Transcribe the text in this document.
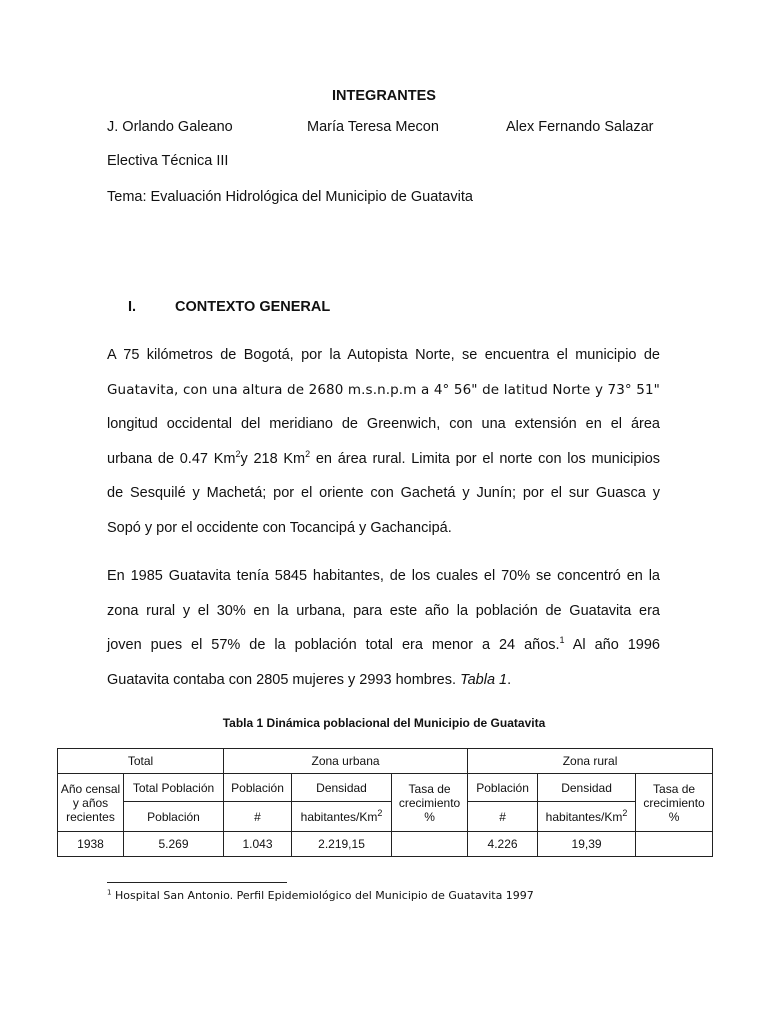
INTEGRANTES
J. Orlando Galeano	María Teresa Mecon	Alex Fernando Salazar
Electiva Técnica III
Tema: Evaluación Hidrológica del Municipio de Guatavita
I.	CONTEXTO GENERAL
A 75 kilómetros de Bogotá, por la Autopista Norte, se encuentra el municipio de
Guatavita, con una altura de 2680 m.s.n.p.m a 4° 56" de latitud Norte y 73° 51"
longitud occidental del meridiano de Greenwich, con una extensión en el área
urbana de 0.47 Km$^2$y 218 Km$^2$ en área rural. Limita por el norte con los municipios
de Sesquilé y Machetá; por el oriente con Gachetá y Junín; por el sur Guasca y
Sopó y por el occidente con Tocancipá y Gachancipá.
En 1985 Guatavita tenía 5845 habitantes, de los cuales el 70% se concentró en la
zona rural y el 30% en la urbana, para este año la población de Guatavita era
joven pues el 57% de la población total era menor a 24 años.$^1$ Al año 1996
Guatavita contaba con 2805 mujeres y 2993 hombres. Tabla 1.
Tabla 1 Dinámica poblacional del Municipio de Guatavita
Total		Zona urbana			Zona rural		
Año censal y años recientes	Total Población	Población	Densidad	Tasa de crecimiento %	Población	Densidad	Tasa de crecimiento %
	Población	#	habitantes/Km$^2$		#	habitantes/Km$^2$
1938	5.269	1.043	2.219,15		4.226	19,39	
$^1$ Hospital San Antonio. Perfil Epidemiológico del Municipio de Guatavita 1997
